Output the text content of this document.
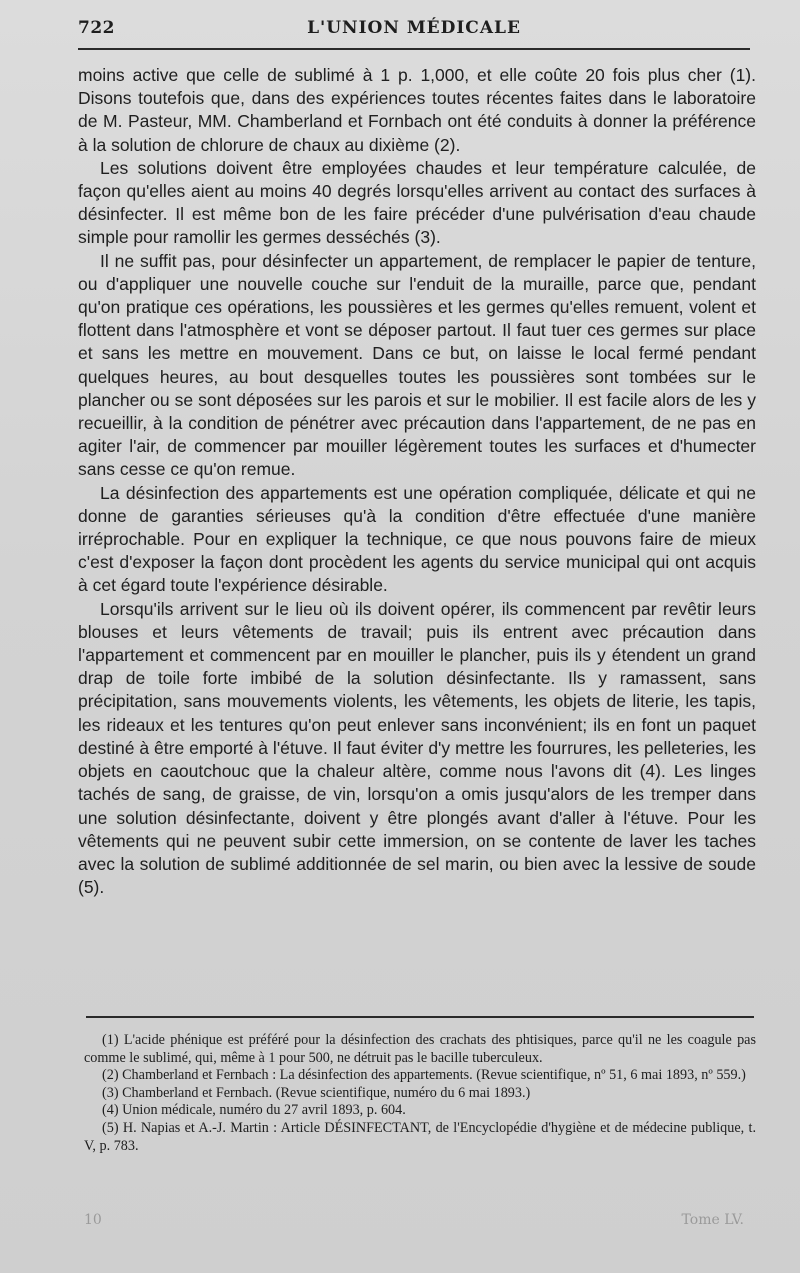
722	L'UNION MÉDICALE

moins active que celle de sublimé à 1 p. 1,000, et elle coûte 20 fois plus cher (1). Disons toutefois que, dans des expériences toutes récentes faites dans le laboratoire de M. Pasteur, MM. Chamberland et Fornbach ont été conduits à donner la préférence à la solution de chlorure de chaux au dixième (2).

Les solutions doivent être employées chaudes et leur température calculée, de façon qu'elles aient au moins 40 degrés lorsqu'elles arrivent au contact des surfaces à désinfecter. Il est même bon de les faire précéder d'une pulvérisation d'eau chaude simple pour ramollir les germes desséchés (3).

Il ne suffit pas, pour désinfecter un appartement, de remplacer le papier de tenture, ou d'appliquer une nouvelle couche sur l'enduit de la muraille, parce que, pendant qu'on pratique ces opérations, les poussières et les germes qu'elles remuent, volent et flottent dans l'atmosphère et vont se déposer partout. Il faut tuer ces germes sur place et sans les mettre en mouvement. Dans ce but, on laisse le local fermé pendant quelques heures, au bout desquelles toutes les poussières sont tombées sur le plancher ou se sont déposées sur les parois et sur le mobilier. Il est facile alors de les y recueillir, à la condition de pénétrer avec précaution dans l'appartement, de ne pas en agiter l'air, de commencer par mouiller légèrement toutes les surfaces et d'humecter sans cesse ce qu'on remue.

La désinfection des appartements est une opération compliquée, délicate et qui ne donne de garanties sérieuses qu'à la condition d'être effectuée d'une manière irréprochable. Pour en expliquer la technique, ce que nous pouvons faire de mieux c'est d'exposer la façon dont procèdent les agents du service municipal qui ont acquis à cet égard toute l'expérience désirable.

Lorsqu'ils arrivent sur le lieu où ils doivent opérer, ils commencent par revêtir leurs blouses et leurs vêtements de travail; puis ils entrent avec précaution dans l'appartement et commencent par en mouiller le plancher, puis ils y étendent un grand drap de toile forte imbibé de la solution désinfectante. Ils y ramassent, sans précipitation, sans mouvements violents, les vêtements, les objets de literie, les tapis, les rideaux et les tentures qu'on peut enlever sans inconvénient; ils en font un paquet destiné à être emporté à l'étuve. Il faut éviter d'y mettre les fourrures, les pelleteries, les objets en caoutchouc que la chaleur altère, comme nous l'avons dit (4). Les linges tachés de sang, de graisse, de vin, lorsqu'on a omis jusqu'alors de les tremper dans une solution désinfectante, doivent y être plongés avant d'aller à l'étuve. Pour les vêtements qui ne peuvent subir cette immersion, on se contente de laver les taches avec la solution de sublimé additionnée de sel marin, ou bien avec la lessive de soude (5).

(1) L'acide phénique est préféré pour la désinfection des crachats des phtisiques, parce qu'il ne les coagule pas comme le sublimé, qui, même à 1 pour 500, ne détruit pas le bacille tuberculeux.

(2) Chamberland et Fernbach : La désinfection des appartements. (Revue scientifique, nº 51, 6 mai 1893, nº 559.)

(3) Chamberland et Fernbach. (Revue scientifique, numéro du 6 mai 1893.)

(4) Union médicale, numéro du 27 avril 1893, p. 604.

(5) H. Napias et A.-J. Martin : Article DÉSINFECTANT, de l'Encyclopédie d'hygiène et de médecine publique, t. V, p. 783.

10	Tome LV.
